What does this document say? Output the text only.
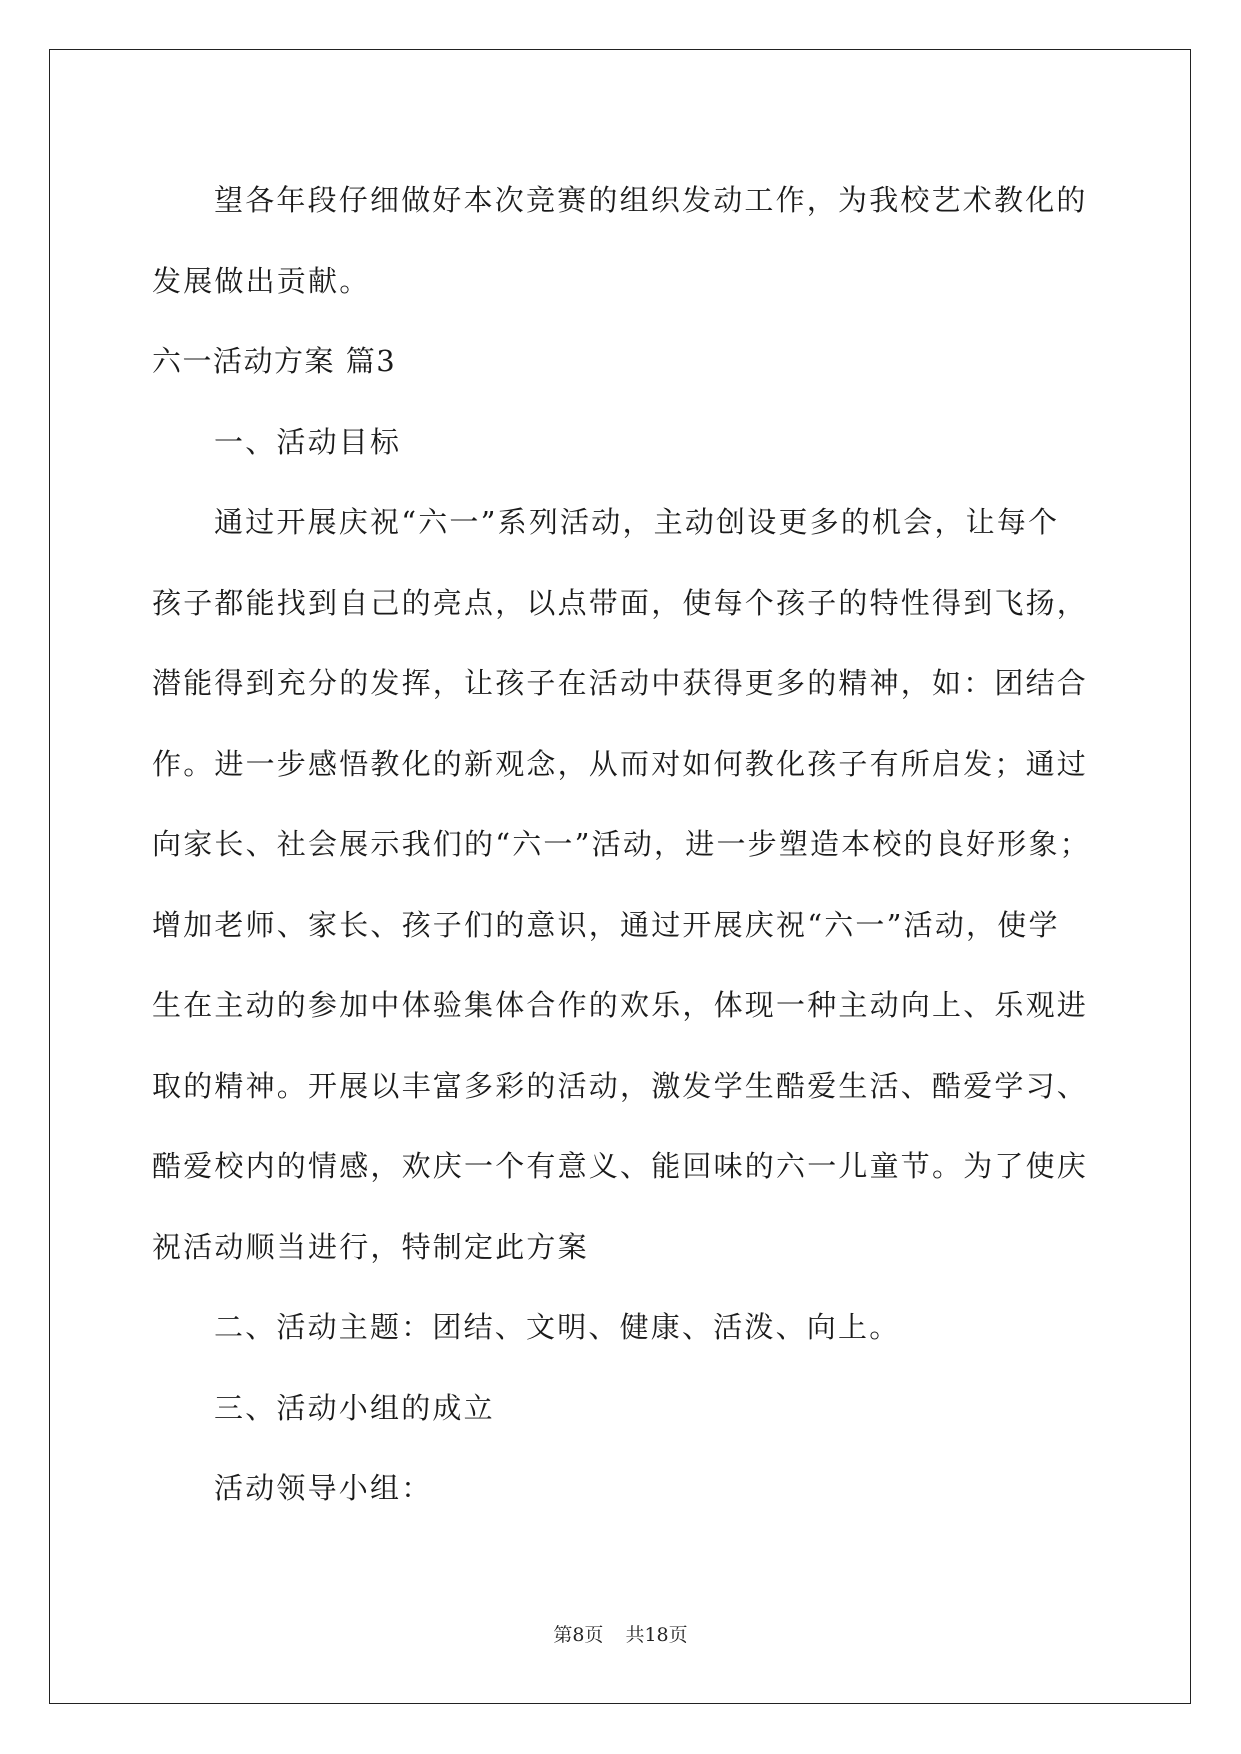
望各年段仔细做好本次竞赛的组织发动工作，为我校艺术教化的
发展做出贡献。
六一活动方案 篇3
一、活动目标
通过开展庆祝“六一”系列活动，主动创设更多的机会，让每个
孩子都能找到自己的亮点，以点带面，使每个孩子的特性得到飞扬，
潜能得到充分的发挥，让孩子在活动中获得更多的精神，如：团结合
作。进一步感悟教化的新观念，从而对如何教化孩子有所启发；通过
向家长、社会展示我们的“六一”活动，进一步塑造本校的良好形象；
增加老师、家长、孩子们的意识，通过开展庆祝“六一”活动，使学
生在主动的参加中体验集体合作的欢乐，体现一种主动向上、乐观进
取的精神。开展以丰富多彩的活动，激发学生酷爱生活、酷爱学习、
酷爱校内的情感，欢庆一个有意义、能回味的六一儿童节。为了使庆
祝活动顺当进行，特制定此方案
二、活动主题：团结、文明、健康、活泼、向上。
三、活动小组的成立
活动领导小组：
第8页 共18页
